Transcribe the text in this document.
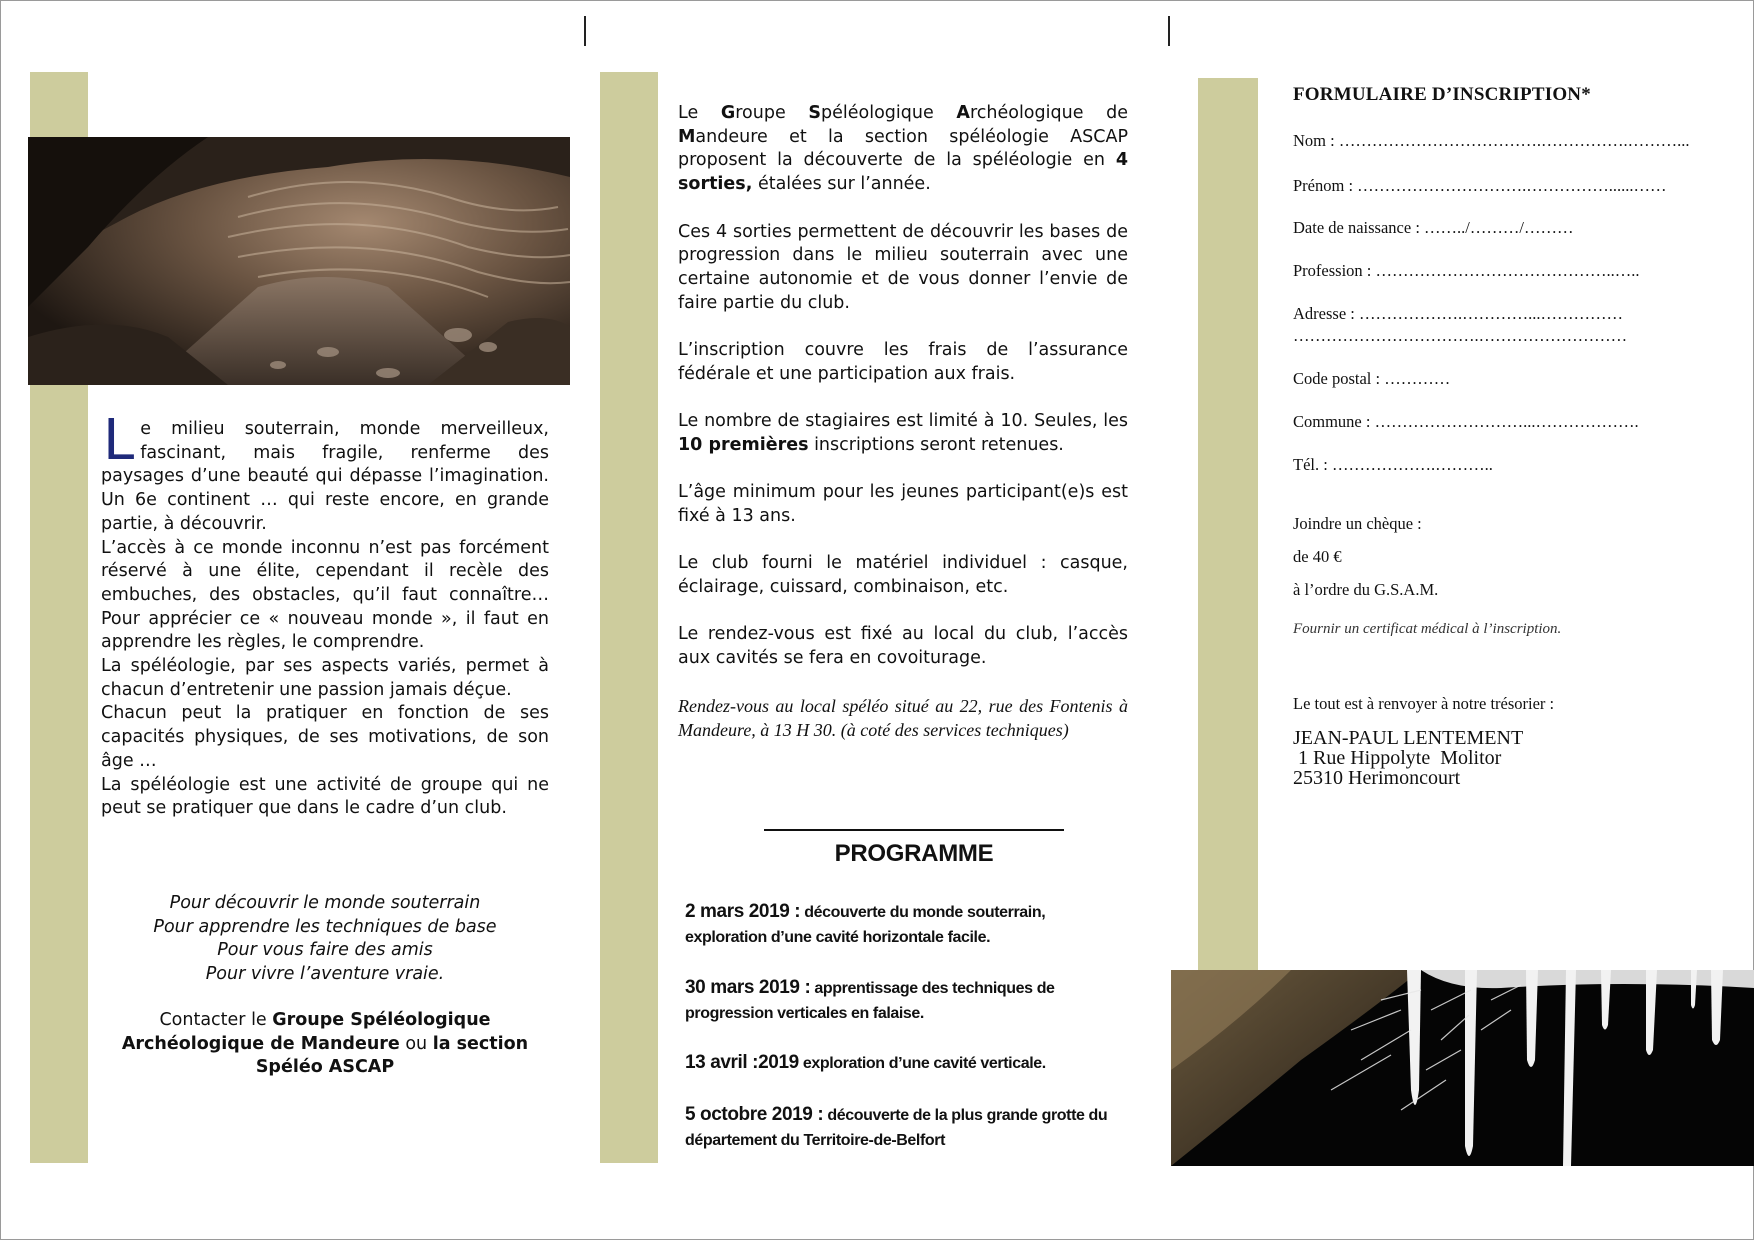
L e milieu souterrain, monde merveilleux, fascinant, mais fragile, renferme des paysages d’une beauté qui dépasse l’imagination. Un 6e continent … qui reste encore, en grande partie, à découvrir.

L’accès à ce monde inconnu n’est pas forcément réservé à une élite, cependant il recèle des embuches, des obstacles, qu’il faut connaître… Pour apprécier ce « nouveau monde », il faut en apprendre les règles, le comprendre.

La spéléologie, par ses aspects variés, permet à chacun d’entretenir une passion jamais déçue.

Chacun peut la pratiquer en fonction de ses capacités physiques, de ses motivations, de son âge …

La spéléologie est une activité de groupe qui ne peut se pratiquer que dans le cadre d’un club.

Pour découvrir le monde souterrain
Pour apprendre les techniques de base
Pour vous faire des amis
Pour vivre l’aventure vraie.
Contacter le Groupe Spéléologique Archéologique de Mandeure ou la section Spéléo ASCAP

Le Groupe Spéléologique Archéologique de Mandeure et la section spéléologie ASCAP proposent la découverte de la spéléologie en 4 sorties, étalées sur l’année.

Ces 4 sorties permettent de découvrir les bases de progression dans le milieu souterrain avec une certaine autonomie et de vous donner l’envie de faire partie du club.

L’inscription couvre les frais de l’assurance fédérale et une participation aux frais.

Le nombre de stagiaires est limité à 10. Seules, les 10 premières inscriptions seront retenues.

L’âge minimum pour les jeunes participant(e)s est fixé à 13 ans.

Le club fourni le matériel individuel : casque, éclairage, cuissard, combinaison, etc.

Le rendez-vous est fixé au local du club, l’accès aux cavités se fera en covoiturage.

Rendez-vous au local spéléo situé au 22, rue des Fontenis à Mandeure, à 13 H 30. (à coté des services techniques)

PROGRAMME
2 mars 2019 : découverte du monde souterrain, exploration d’une cavité horizontale facile.
30 mars 2019 : apprentissage des techniques de progression verticales en falaise.
13 avril :2019 exploration d’une cavité verticale.
5 octobre 2019 : découverte de la plus grande grotte du département du Territoire-de-Belfort
FORMULAIRE D’INSCRIPTION*
Nom : ……………………………….…………….………...
Prénom : ………………………….……………......……
Date de naissance : ……../………/………
Profession : ……………………………………..…..
Adresse : ……………….…………...……………
…………………………….………………………
Code postal : …………
Commune : ………………………...……………….
Tél. : ……………….………..
Joindre un chèque :
de 40 €
à l’ordre du G.S.A.M.
Fournir un certificat médical à l’inscription.
Le tout est à renvoyer à notre trésorier :
JEAN-PAUL LENTEMENT
1 Rue Hippolyte  Molitor
25310 Herimoncourt
